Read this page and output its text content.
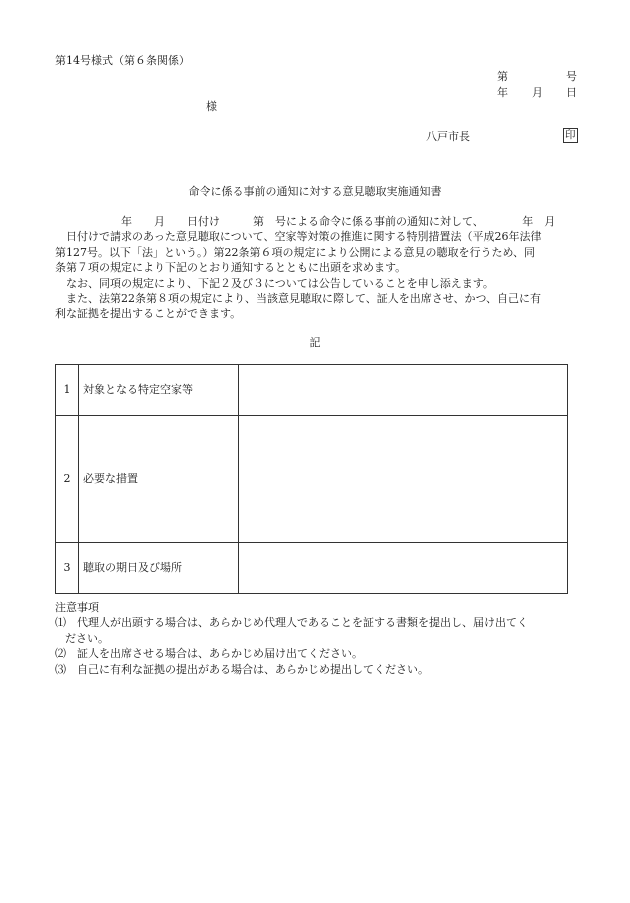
第14号様式（第６条関係）
第	号
年 月 日
様
八戸市長	印
命令に係る事前の通知に対する意見聴取実施通知書
　　　　　　年　　月　　日付け　　　第　号による命令に係る事前の通知に対して、　　　　年　月
　日付けで請求のあった意見聴取について、空家等対策の推進に関する特別措置法（平成26年法律
第127号。以下「法」という。）第22条第６項の規定により公開による意見の聴取を行うため、同
条第７項の規定により下記のとおり通知するとともに出頭を求めます。
　なお、同項の規定により、下記２及び３については公告していることを申し添えます。
　また、法第22条第８項の規定により、当該意見聴取に際して、証人を出席させ、かつ、自己に有
利な証拠を提出することができます。
記
1	対象となる特定空家等	
2	必要な措置	
3	聴取の期日及び場所	
注意事項
⑴　代理人が出頭する場合は、あらかじめ代理人であることを証する書類を提出し、届け出てく
ださい。
⑵　証人を出席させる場合は、あらかじめ届け出てください。
⑶　自己に有利な証拠の提出がある場合は、あらかじめ提出してください。
